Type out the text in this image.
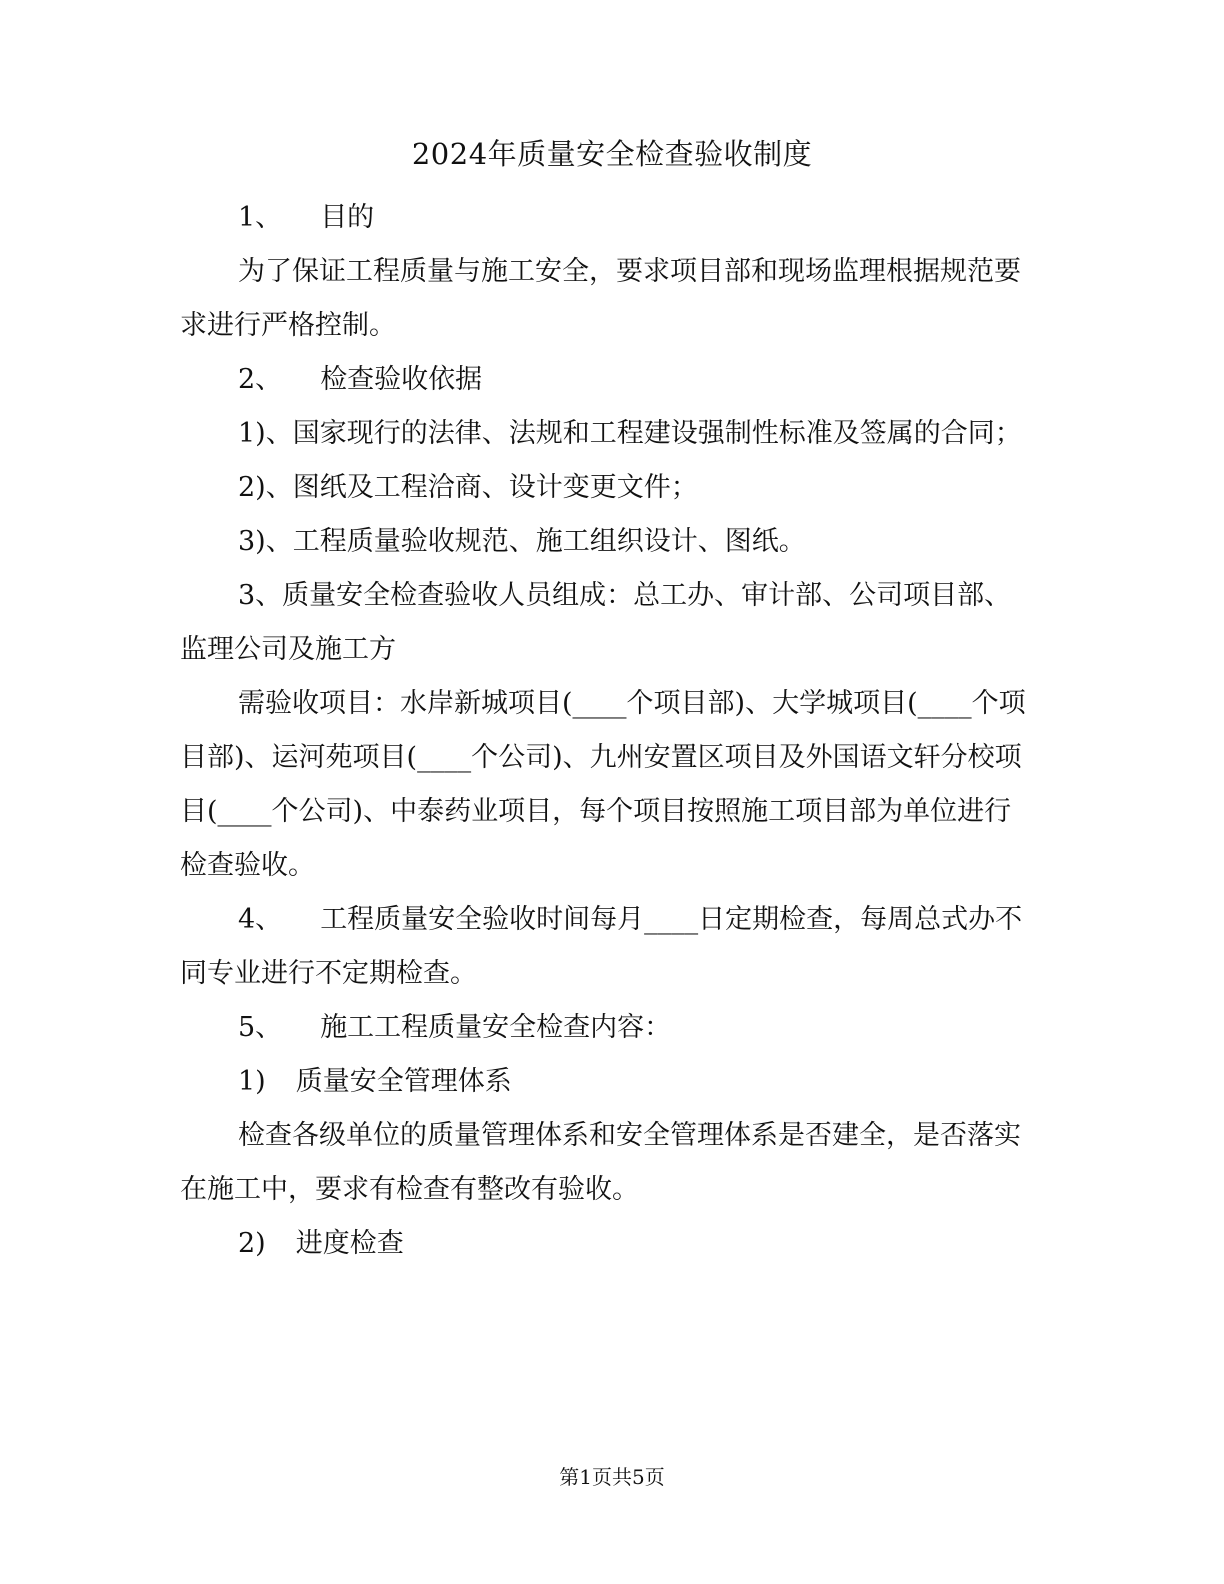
2024年质量安全检查验收制度

1、 目的

为了保证工程质量与施工安全，要求项目部和现场监理根据规范要求进行严格控制。

2、 检查验收依据

1)、国家现行的法律、法规和工程建设强制性标准及签属的合同；

2)、图纸及工程洽商、设计变更文件；

3)、工程质量验收规范、施工组织设计、图纸。

3、质量安全检查验收人员组成：总工办、审计部、公司项目部、监理公司及施工方

需验收项目：水岸新城项目(____个项目部)、大学城项目(____个项目部)、运河苑项目(____个公司)、九州安置区项目及外国语文轩分校项目(____个公司)、中泰药业项目，每个项目按照施工项目部为单位进行检查验收。

4、 工程质量安全验收时间每月____日定期检查，每周总式办不同专业进行不定期检查。

5、 施工工程质量安全检查内容：

1) 质量安全管理体系

检查各级单位的质量管理体系和安全管理体系是否建全，是否落实在施工中，要求有检查有整改有验收。

2) 进度检查

第1页共5页
